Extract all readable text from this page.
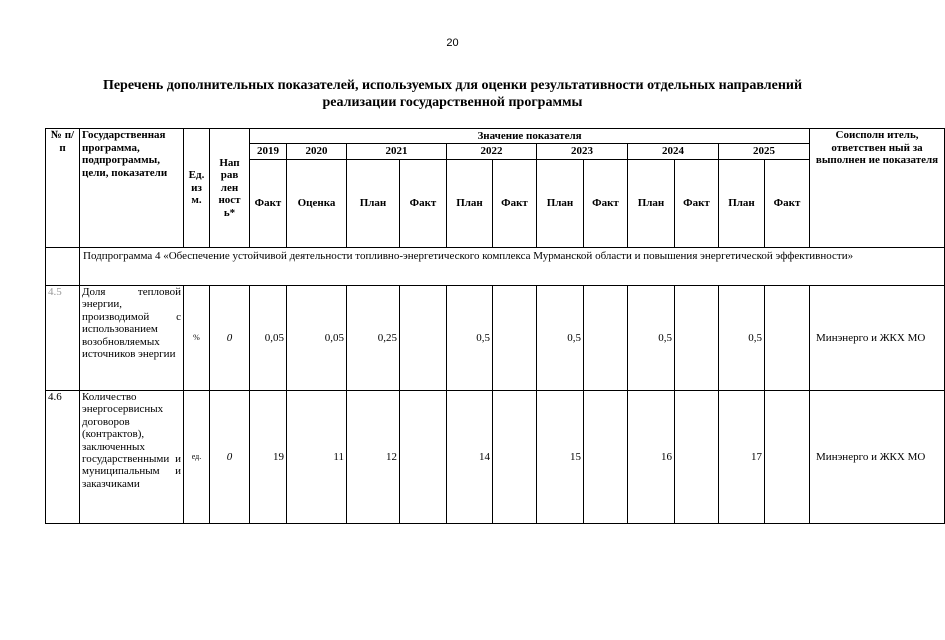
20
Перечень дополнительных показателей, используемых для оценки результативности отдельных направлений
реализации государственной программы
№ п/п	Государственная программа, подпрограммы, цели, показатели	Ед. из м.	Нап рав лен ност ь*	Значение показателя												Соисполн итель, ответствен ный за выполнен ие показателя
				2019	2020	2021		2022		2023		2024		2025		
				Факт	Оценка	План	Факт	План	Факт	План	Факт	План	Факт	План	Факт	
	Подпрограмма 4 «Обеспечение устойчивой деятельности топливно-энергетического комплекса Мурманской области и повышения энергетической эффективности»															
4.5	Доля тепловой энергии, производимой с использованием возобновляемых источников энергии	%	0	0,05	0,05	0,25		0,5		0,5		0,5		0,5		Минэнерго и ЖКХ МО
4.6	Количество энергосервисных договоров (контрактов), заключенных государственными и муниципальным и заказчиками	ед.	0	19	11	12		14		15		16		17		Минэнерго и ЖКХ МО
